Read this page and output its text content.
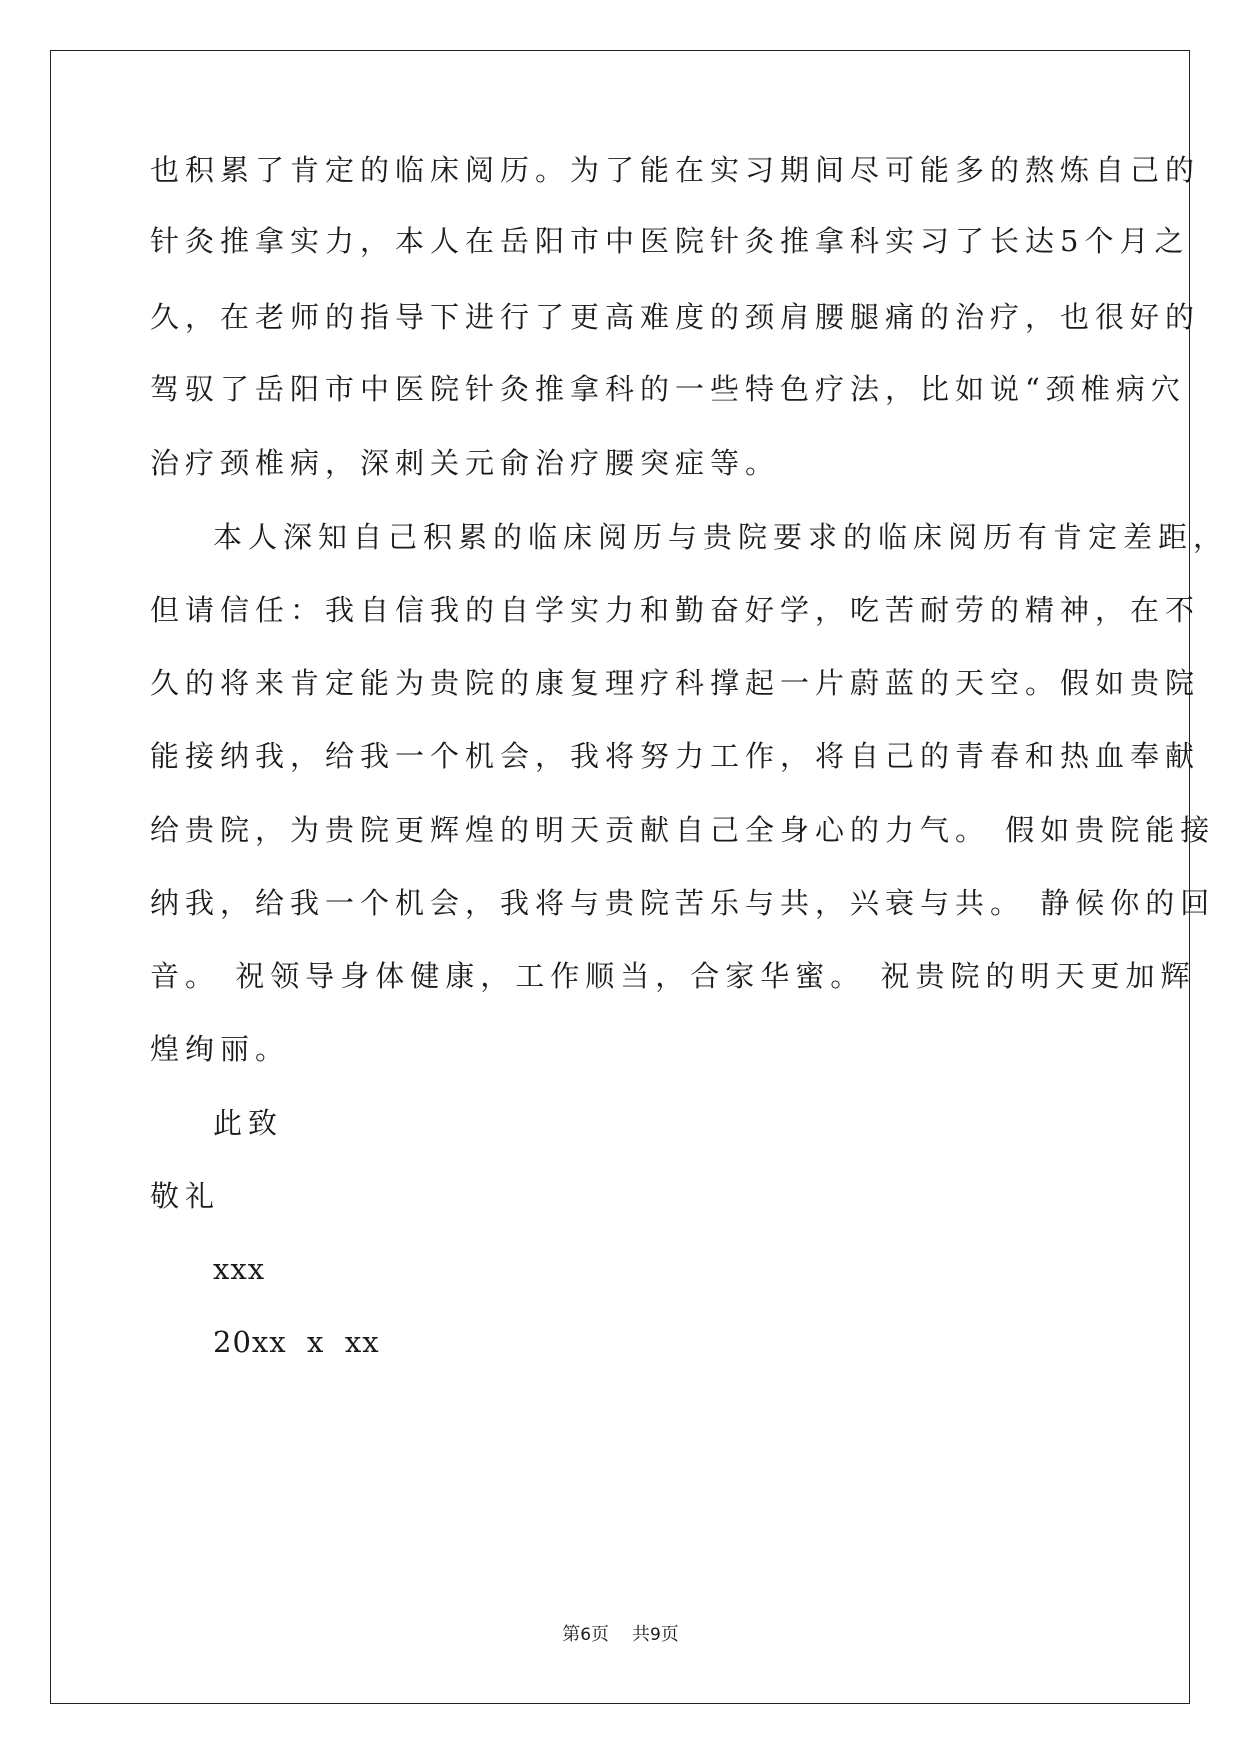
也积累了肯定的临床阅历。为了能在实习期间尽可能多的熬炼自己的
针灸推拿实力，本人在岳阳市中医院针灸推拿科实习了长达5个月之
久，在老师的指导下进行了更高难度的颈肩腰腿痛的治疗，也很好的
驾驭了岳阳市中医院针灸推拿科的一些特色疗法，比如说“颈椎病穴
治疗颈椎病，深刺关元俞治疗腰突症等。
本人深知自己积累的临床阅历与贵院要求的临床阅历有肯定差距，
但请信任：我自信我的自学实力和勤奋好学，吃苦耐劳的精神，在不
久的将来肯定能为贵院的康复理疗科撑起一片蔚蓝的天空。假如贵院
能接纳我，给我一个机会，我将努力工作，将自己的青春和热血奉献
给贵院，为贵院更辉煌的明天贡献自己全身心的力气。 假如贵院能接
纳我，给我一个机会，我将与贵院苦乐与共，兴衰与共。 静候你的回
音。 祝领导身体健康，工作顺当，合家华蜜。 祝贵院的明天更加辉
煌绚丽。
此致
敬礼
xxx
20xx  x  xx
第6页 共9页
